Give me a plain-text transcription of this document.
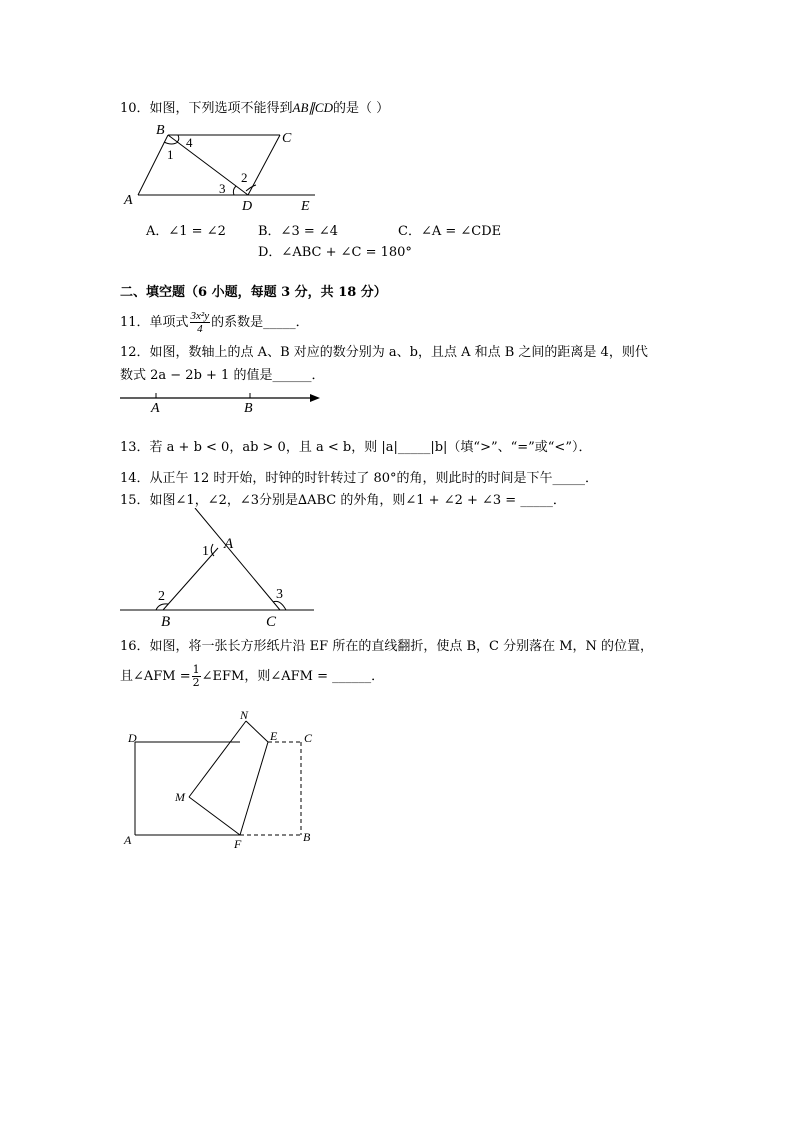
10．如图，下列选项不能得到AB∥CD的是（ ）
B
C
A	D	E
1
4
3
2
A．∠1 = ∠2 B．∠3 = ∠4	C．∠A = ∠CDE
D．∠ABC + ∠C = 180°
二、填空题（6 小题，每题 3 分，共 18 分）
11．单项式 $\frac{\text{3x²y}}{4}$ 的系数是_____．
12．如图，数轴上的点 A、B 对应的数分别为 a、b，且点 A 和点 B 之间的距离是 4，则代
数式 2a − 2b + 1 的值是______．
A	B
13．若 a + b < 0，ab > 0，且 a < b，则 |a|_____|b|（填“>”、“=”或“<”）．
14．从正午 12 时开始，时钟的时针转过了 80°的角，则此时的时间是下午_____．
15．如图∠1，∠2，∠3分别是∆ABC 的外角，则∠1 + ∠2 + ∠3 = _____．
A
1
2	3
B	C
16．如图，将一张长方形纸片沿 EF 所在的直线翻折，使点 B，C 分别落在 M，N 的位置，
且∠AFM = $\frac{1}{2}$ ∠EFM，则∠AFM = ______．
D
N
E C
M
A	F	B
